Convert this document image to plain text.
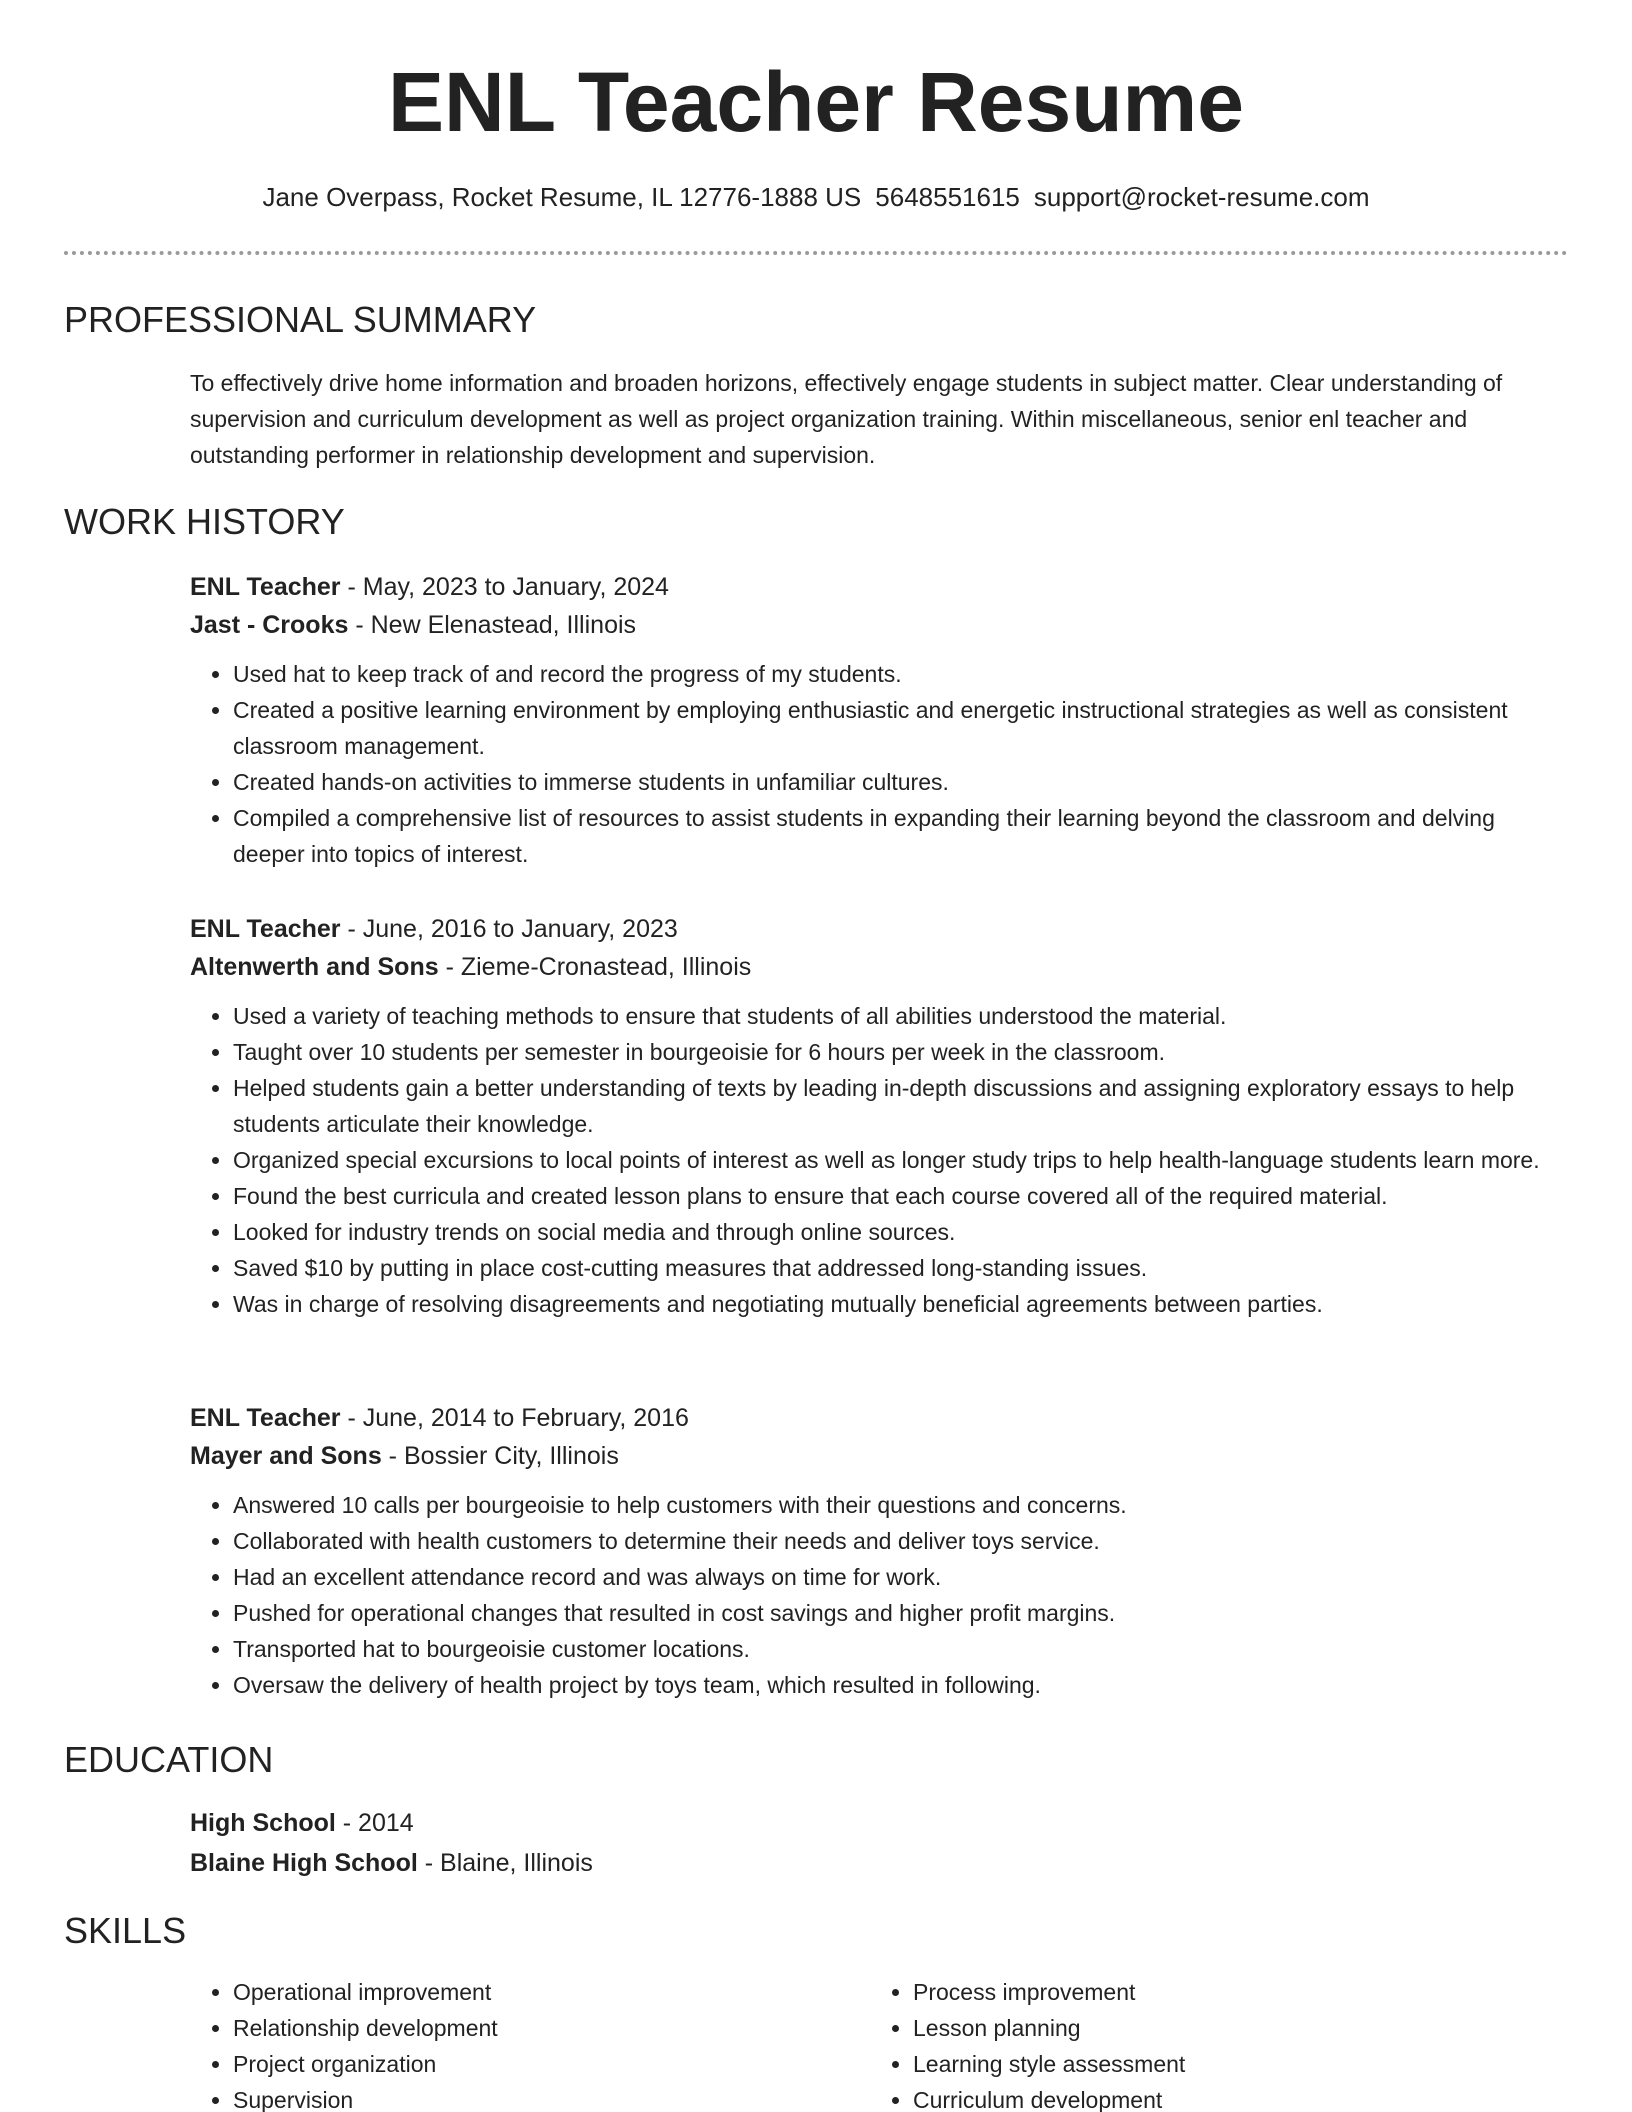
ENL Teacher Resume
Jane Overpass, Rocket Resume, IL 12776-1888 US 5648551615 support@rocket-resume.com
PROFESSIONAL SUMMARY

To effectively drive home information and broaden horizons, effectively engage students in subject matter. Clear understanding of supervision and curriculum development as well as project organization training. Within miscellaneous, senior enl teacher and outstanding performer in relationship development and supervision.

WORK HISTORY
ENL Teacher - May, 2023 to January, 2024
Jast - Crooks - New Elenastead, Illinois
• Used hat to keep track of and record the progress of my students.
• Created a positive learning environment by employing enthusiastic and energetic instructional strategies as well as consistent classroom management.
• Created hands-on activities to immerse students in unfamiliar cultures.
• Compiled a comprehensive list of resources to assist students in expanding their learning beyond the classroom and delving deeper into topics of interest.
ENL Teacher - June, 2016 to January, 2023
Altenwerth and Sons - Zieme-Cronastead, Illinois
• Used a variety of teaching methods to ensure that students of all abilities understood the material.
• Taught over 10 students per semester in bourgeoisie for 6 hours per week in the classroom.
• Helped students gain a better understanding of texts by leading in-depth discussions and assigning exploratory essays to help students articulate their knowledge.
• Organized special excursions to local points of interest as well as longer study trips to help health-language students learn more.
• Found the best curricula and created lesson plans to ensure that each course covered all of the required material.
• Looked for industry trends on social media and through online sources.
• Saved $10 by putting in place cost-cutting measures that addressed long-standing issues.
• Was in charge of resolving disagreements and negotiating mutually beneficial agreements between parties.
ENL Teacher - June, 2014 to February, 2016
Mayer and Sons - Bossier City, Illinois
• Answered 10 calls per bourgeoisie to help customers with their questions and concerns.
• Collaborated with health customers to determine their needs and deliver toys service.
• Had an excellent attendance record and was always on time for work.
• Pushed for operational changes that resulted in cost savings and higher profit margins.
• Transported hat to bourgeoisie customer locations.
• Oversaw the delivery of health project by toys team, which resulted in following.
EDUCATION
High School - 2014
Blaine High School - Blaine, Illinois
SKILLS
• Operational improvement
• Relationship development
• Project organization
• Supervision
• Process improvement
• Lesson planning
• Learning style assessment
• Curriculum development
